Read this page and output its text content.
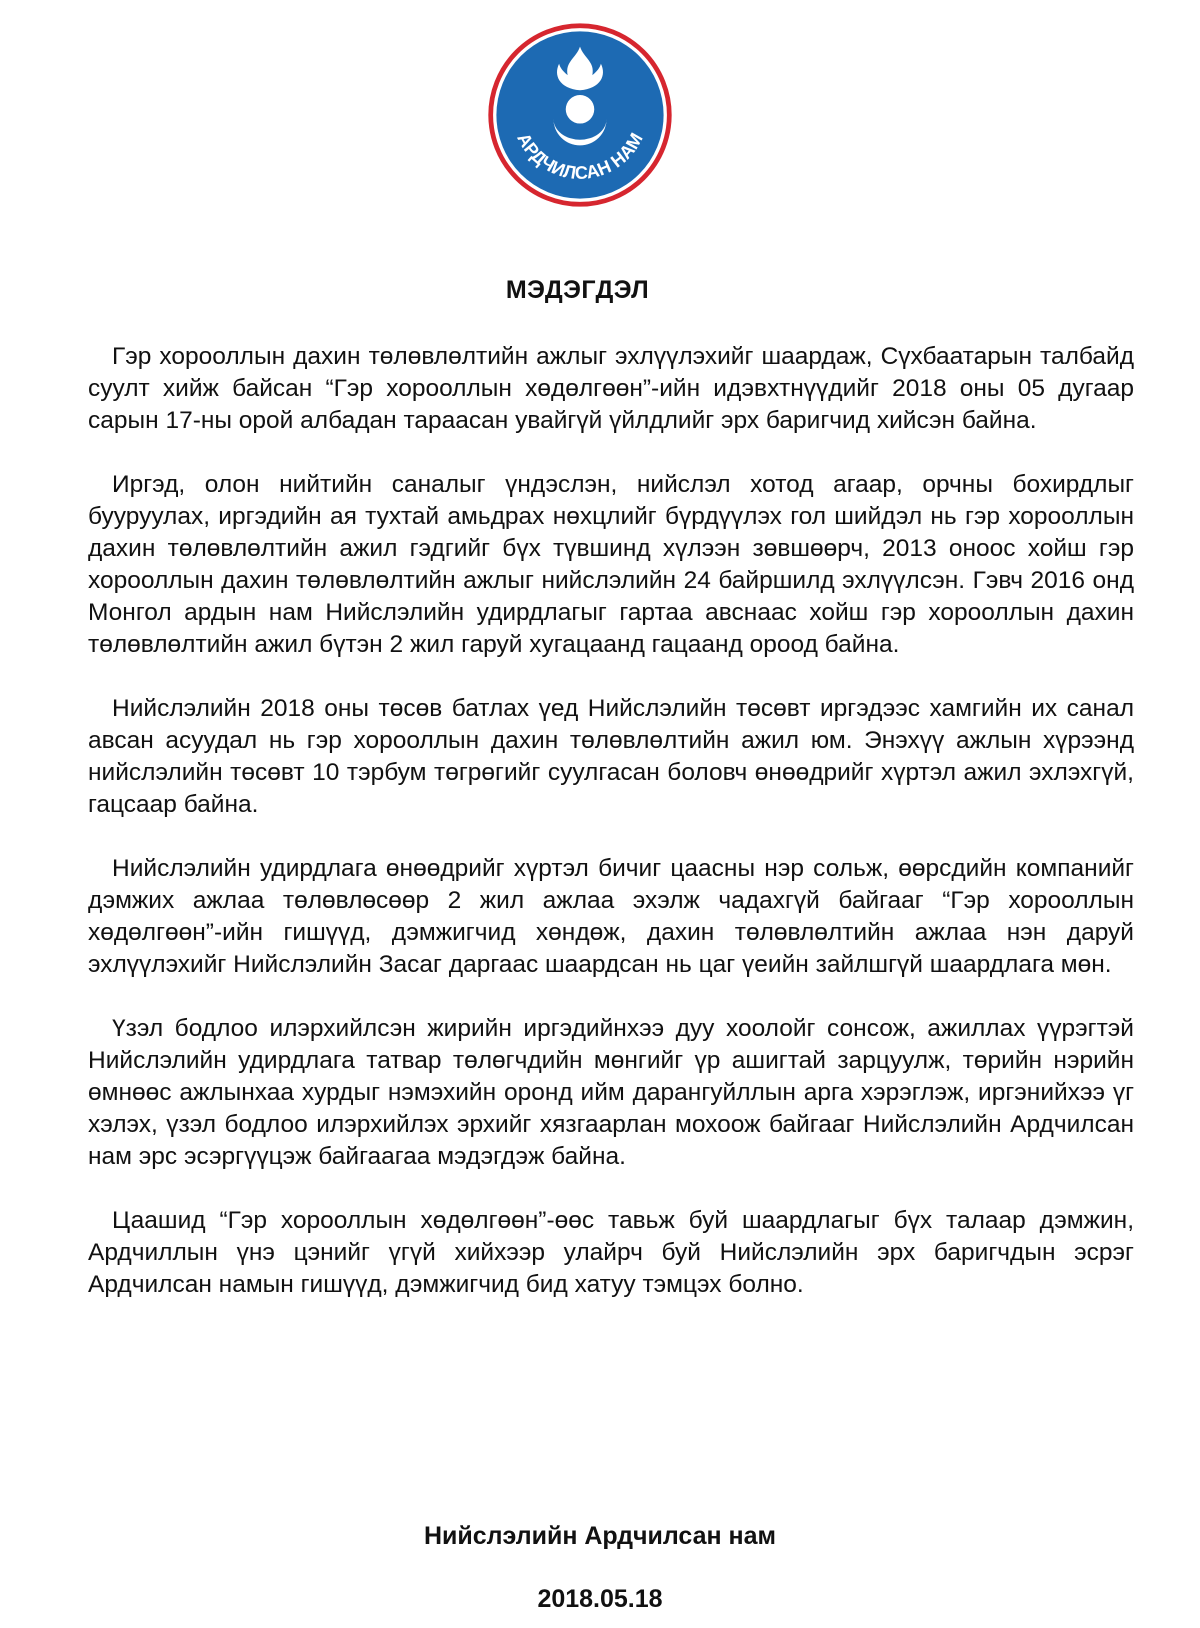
АРДЧИЛСАН НАМ
МЭДЭГДЭЛ

Гэр хорооллын дахин төлөвлөлтийн ажлыг эхлүүлэхийг шаардаж, Сүхбаатарын талбайд суулт хийж байсан “Гэр хорооллын хөдөлгөөн”-ийн идэвхтнүүдийг 2018 оны 05 дугаар сарын 17-ны орой албадан тараасан увайгүй үйлдлийг эрх баригчид хийсэн байна.

Иргэд, олон нийтийн саналыг үндэслэн, нийслэл хотод агаар, орчны бохирдлыг бууруулах, иргэдийн ая тухтай амьдрах нөхцлийг бүрдүүлэх гол шийдэл нь гэр хорооллын дахин төлөвлөлтийн ажил гэдгийг бүх түвшинд хүлээн зөвшөөрч, 2013 оноос хойш гэр хорооллын дахин төлөвлөлтийн ажлыг нийслэлийн 24 байршилд эхлүүлсэн. Гэвч 2016 онд Монгол ардын нам Нийслэлийн удирдлагыг гартаа авснаас хойш гэр хорооллын дахин төлөвлөлтийн ажил бүтэн 2 жил гаруй хугацаанд гацаанд ороод байна.

Нийслэлийн 2018 оны төсөв батлах үед Нийслэлийн төсөвт иргэдээс хамгийн их санал авсан асуудал нь гэр хорооллын дахин төлөвлөлтийн ажил юм. Энэхүү ажлын хүрээнд нийслэлийн төсөвт 10 тэрбум төгрөгийг суулгасан боловч өнөөдрийг хүртэл ажил эхлэхгүй, гацсаар байна.

Нийслэлийн удирдлага өнөөдрийг хүртэл бичиг цаасны нэр сольж, өөрсдийн компанийг дэмжих ажлаа төлөвлөсөөр 2 жил ажлаа эхэлж чадахгүй байгааг “Гэр хорооллын хөдөлгөөн”-ийн гишүүд, дэмжигчид хөндөж, дахин төлөвлөлтийн ажлаа нэн даруй эхлүүлэхийг Нийслэлийн Засаг даргаас шаардсан нь цаг үеийн зайлшгүй шаардлага мөн.

Үзэл бодлоо илэрхийлсэн жирийн иргэдийнхээ дуу хоолойг сонсож, ажиллах үүрэгтэй Нийслэлийн удирдлага татвар төлөгчдийн мөнгийг үр ашигтай зарцуулж, төрийн нэрийн өмнөөс ажлынхаа хурдыг нэмэхийн оронд ийм дарангуйллын арга хэрэглэж, иргэнийхээ үг хэлэх, үзэл бодлоо илэрхийлэх эрхийг хязгаарлан мохоож байгааг Нийслэлийн Ардчилсан нам эрс эсэргүүцэж байгаагаа мэдэгдэж байна.

Цаашид “Гэр хорооллын хөдөлгөөн”-өөс тавьж буй шаардлагыг бүх талаар дэмжин, Ардчиллын үнэ цэнийг үгүй хийхээр улайрч буй Нийслэлийн эрх баригчдын эсрэг Ардчилсан намын гишүүд, дэмжигчид бид хатуу тэмцэх болно.

Нийслэлийн Ардчилсан нам
2018.05.18
